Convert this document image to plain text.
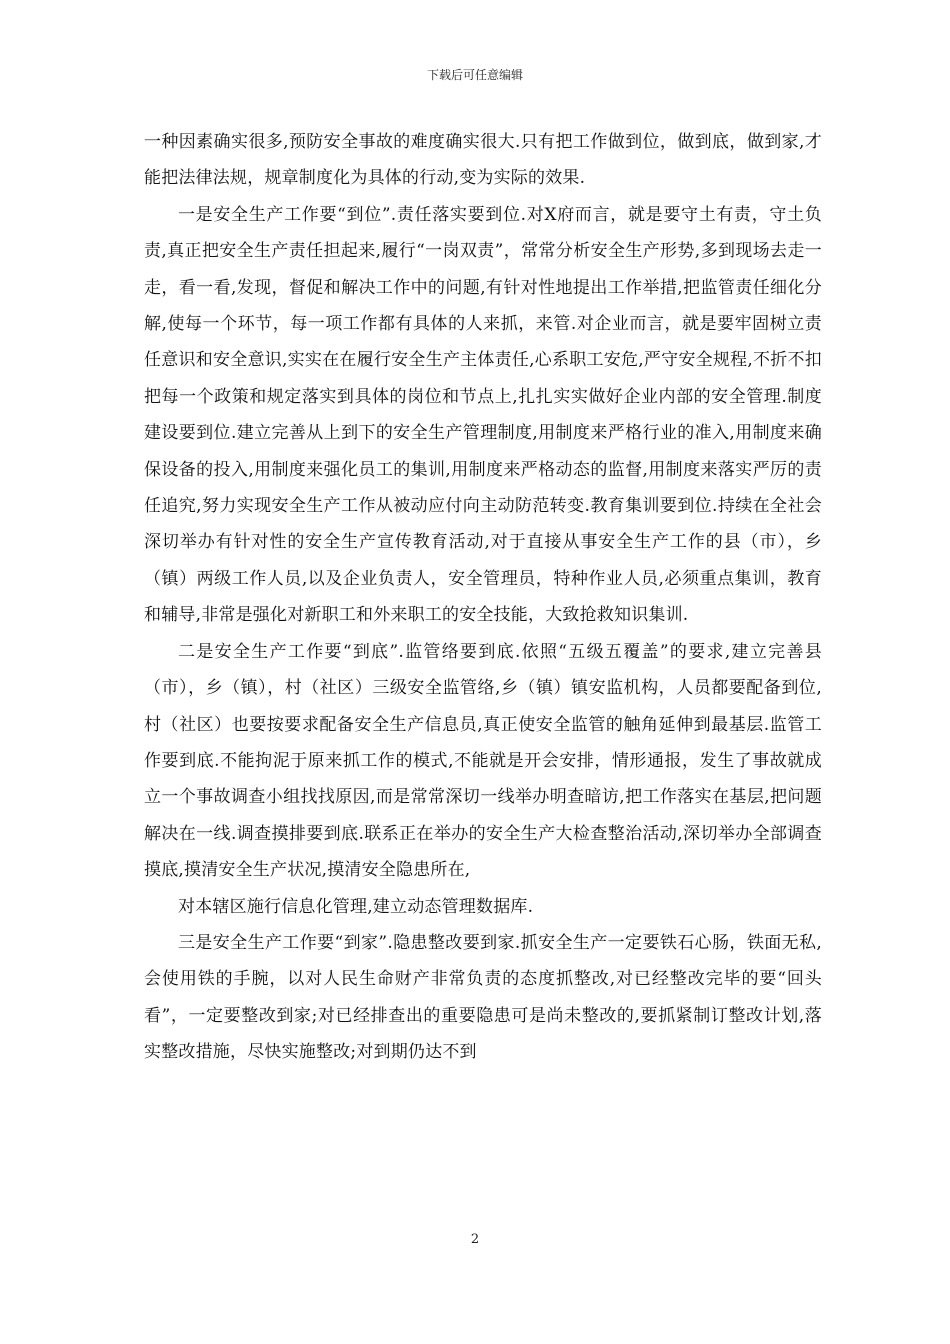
下载后可任意编辑

一种因素确实很多,预防安全事故的难度确实很大.只有把工作做到位，做到底，做到家,才能把法律法规，规章制度化为具体的行动,变为实际的效果.

一是安全生产工作要“到位”.责任落实要到位.对X府而言，就是要守土有责，守土负责,真正把安全生产责任担起来,履行“一岗双责”，常常分析安全生产形势,多到现场去走一走，看一看,发现，督促和解决工作中的问题,有针对性地提出工作举措,把监管责任细化分解,使每一个环节，每一项工作都有具体的人来抓，来管.对企业而言，就是要牢固树立责任意识和安全意识,实实在在履行安全生产主体责任,心系职工安危,严守安全规程,不折不扣把每一个政策和规定落实到具体的岗位和节点上,扎扎实实做好企业内部的安全管理.制度建设要到位.建立完善从上到下的安全生产管理制度,用制度来严格行业的准入,用制度来确保设备的投入,用制度来强化员工的集训,用制度来严格动态的监督,用制度来落实严厉的责任追究,努力实现安全生产工作从被动应付向主动防范转变.教育集训要到位.持续在全社会深切举办有针对性的安全生产宣传教育活动,对于直接从事安全生产工作的县（市），乡（镇）两级工作人员,以及企业负责人，安全管理员，特种作业人员,必须重点集训，教育和辅导,非常是强化对新职工和外来职工的安全技能，大致抢救知识集训.

二是安全生产工作要“到底”.监管络要到底.依照“五级五覆盖”的要求,建立完善县（市），乡（镇），村（社区）三级安全监管络,乡（镇）镇安监机构，人员都要配备到位,村（社区）也要按要求配备安全生产信息员,真正使安全监管的触角延伸到最基层.监管工作要到底.不能拘泥于原来抓工作的模式,不能就是开会安排，情形通报，发生了事故就成立一个事故调查小组找找原因,而是常常深切一线举办明查暗访,把工作落实在基层,把问题解决在一线.调查摸排要到底.联系正在举办的安全生产大检查整治活动,深切举办全部调查摸底,摸清安全生产状况,摸清安全隐患所在,

对本辖区施行信息化管理,建立动态管理数据库.

三是安全生产工作要“到家”.隐患整改要到家.抓安全生产一定要铁石心肠，铁面无私,会使用铁的手腕，以对人民生命财产非常负责的态度抓整改,对已经整改完毕的要“回头看”，一定要整改到家;对已经排查出的重要隐患可是尚未整改的,要抓紧制订整改计划,落实整改措施，尽快实施整改;对到期仍达不到

2
